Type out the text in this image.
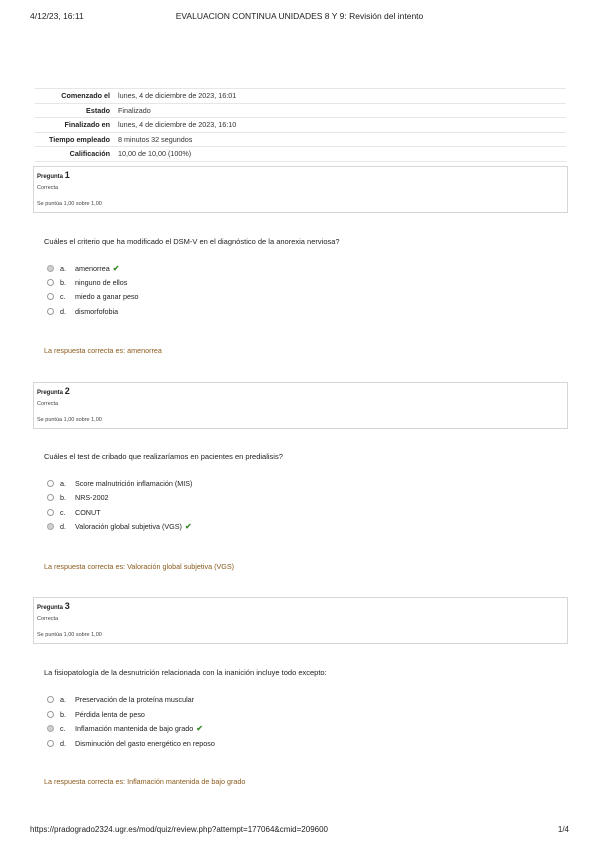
4/12/23, 16:11	EVALUACION CONTINUA UNIDADES 8 Y 9: Revisión del intento
Comenzado el	lunes, 4 de diciembre de 2023, 16:01
Estado	Finalizado
Finalizado en	lunes, 4 de diciembre de 2023, 16:10
Tiempo empleado	8 minutos 32 segundos
Calificación	10,00 de 10,00 (100%)
Pregunta 1
Correcta
Se puntúa 1,00 sobre 1,00
Cuáles el criterio que ha modificado el DSM-V en el diagnóstico de la anorexia nerviosa?
a.	amenorrea ✔
b.	ninguno de ellos
c.	miedo a ganar peso
d.	dismorfofobia
La respuesta correcta es: amenorrea
Pregunta 2
Correcta
Se puntúa 1,00 sobre 1,00
Cuáles el test de cribado que realizaríamos en pacientes en predialisis?
a.	Score malnutrición inflamación (MIS)
b.	NRS-2002
c.	CONUT
d.	Valoración global subjetiva (VGS) ✔
La respuesta correcta es: Valoración global subjetiva (VGS)
Pregunta 3
Correcta
Se puntúa 1,00 sobre 1,00
La fisiopatología de la desnutrición relacionada con la inanición incluye todo excepto:
a.	Preservación de la proteína muscular
b.	Pérdida lenta de peso
c.	Inflamación mantenida de bajo grado ✔
d.	Disminución del gasto energético en reposo
La respuesta correcta es: Inflamación mantenida de bajo grado
https://pradogrado2324.ugr.es/mod/quiz/review.php?attempt=177064&cmid=209600	1/4
